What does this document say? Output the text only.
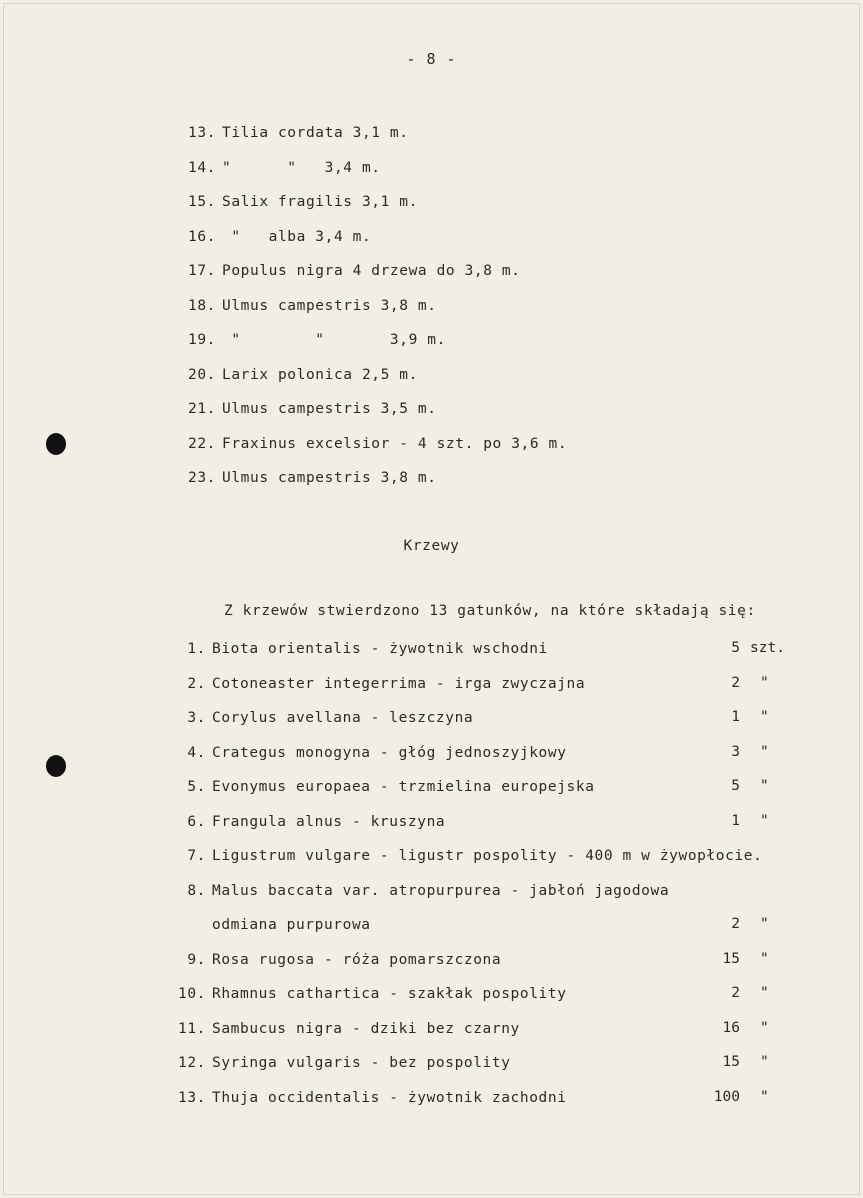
- 8 -
13. Tilia cordata 3,1 m.
14. "      "   3,4 m.
15. Salix fragilis 3,1 m.
16. "   alba 3,4 m.
17. Populus nigra 4 drzewa do 3,8 m.
18. Ulmus campestris 3,8 m.
19. "        "       3,9 m.
20. Larix polonica 2,5 m.
21. Ulmus campestris 3,5 m.
22. Fraxinus excelsior - 4 szt. po 3,6 m.
23. Ulmus campestris 3,8 m.
Krzewy
Z krzewów stwierdzono 13 gatunków, na które składają się:
1. Biota orientalis - żywotnik wschodni	5 szt.
2. Cotoneaster integerrima - irga zwyczajna	2 "
3. Corylus avellana - leszczyna	1 "
4. Crategus monogyna - głóg jednoszyjkowy	3 "
5. Evonymus europaea - trzmielina europejska	5 "
6. Frangula alnus - kruszyna	1 "
7. Ligustrum vulgare - ligustr pospolity - 400 m w żywopłocie.
8. Malus baccata var. atropurpurea - jabłoń jagodowa
odmiana purpurowa	2 "
9. Rosa rugosa - róża pomarszczona	15 "
10. Rhamnus cathartica - szakłak pospolity	2 "
11. Sambucus nigra - dziki bez czarny	16 "
12. Syringa vulgaris - bez pospolity	15 "
13. Thuja occidentalis - żywotnik zachodni	100 "
